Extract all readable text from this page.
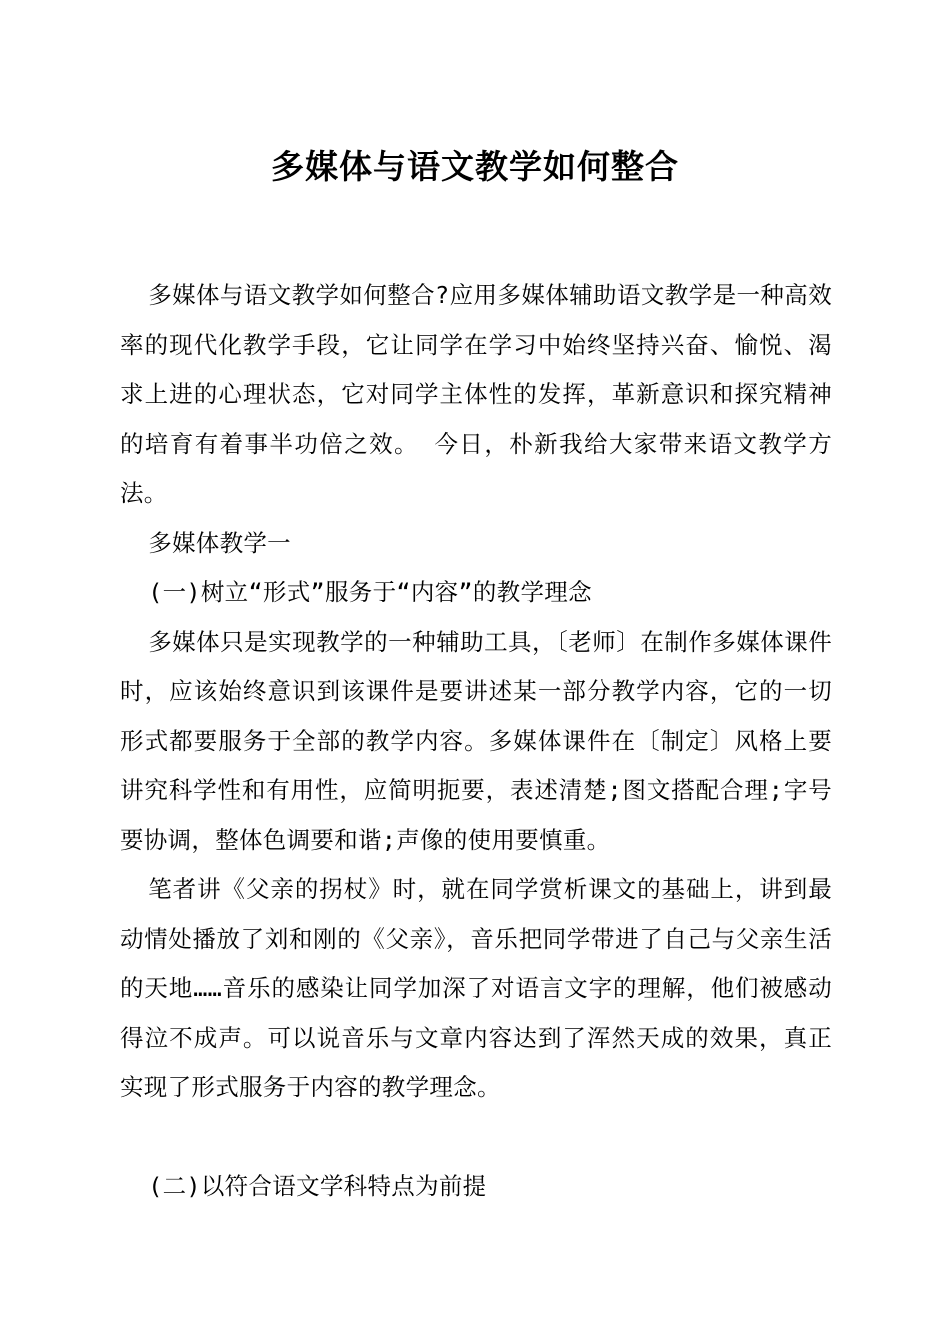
多媒体与语文教学如何整合

多媒体与语文教学如何整合?应用多媒体辅助语文教学是一种高效率的现代化教学手段，它让同学在学习中始终坚持兴奋、愉悦、渴求上进的心理状态，它对同学主体性的发挥，革新意识和探究精神的培育有着事半功倍之效。 今日，朴新我给大家带来语文教学方法。

多媒体教学一

(一)树立“形式”服务于“内容”的教学理念

多媒体只是实现教学的一种辅助工具，〔老师〕在制作多媒体课件时，应该始终意识到该课件是要讲述某一部分教学内容，它的一切形式都要服务于全部的教学内容。多媒体课件在〔制定〕风格上要讲究科学性和有用性，应简明扼要，表述清楚;图文搭配合理;字号要协调，整体色调要和谐;声像的使用要慎重。

笔者讲《父亲的拐杖》时，就在同学赏析课文的基础上，讲到最动情处播放了刘和刚的《父亲》，音乐把同学带进了自己与父亲生活的天地……音乐的感染让同学加深了对语言文字的理解，他们被感动得泣不成声。可以说音乐与文章内容达到了浑然天成的效果，真正实现了形式服务于内容的教学理念。

(二)以符合语文学科特点为前提
